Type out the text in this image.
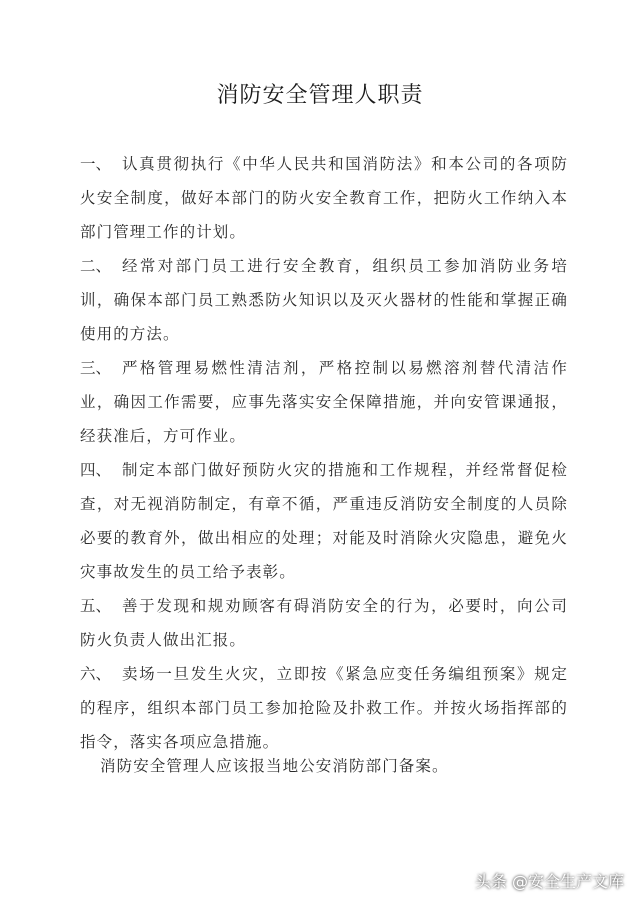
消防安全管理人职责
一、 认真贯彻执行《中华人民共和国消防法》和本公司的各项防火安全制度，做好本部门的防火安全教育工作，把防火工作纳入本部门管理工作的计划。
二、 经常对部门员工进行安全教育，组织员工参加消防业务培训，确保本部门员工熟悉防火知识以及灭火器材的性能和掌握正确使用的方法。
三、 严格管理易燃性清洁剂，严格控制以易燃溶剂替代清洁作业，确因工作需要，应事先落实安全保障措施，并向安管课通报，经获准后，方可作业。
四、 制定本部门做好预防火灾的措施和工作规程，并经常督促检查，对无视消防制定，有章不循，严重违反消防安全制度的人员除必要的教育外，做出相应的处理；对能及时消除火灾隐患，避免火灾事故发生的员工给予表彰。
五、 善于发现和规劝顾客有碍消防安全的行为，必要时，向公司防火负责人做出汇报。
六、 卖场一旦发生火灾，立即按《紧急应变任务编组预案》规定的程序，组织本部门员工参加抢险及扑救工作。并按火场指挥部的指令，落实各项应急措施。
消防安全管理人应该报当地公安消防部门备案。
头条 @安全生产文库
